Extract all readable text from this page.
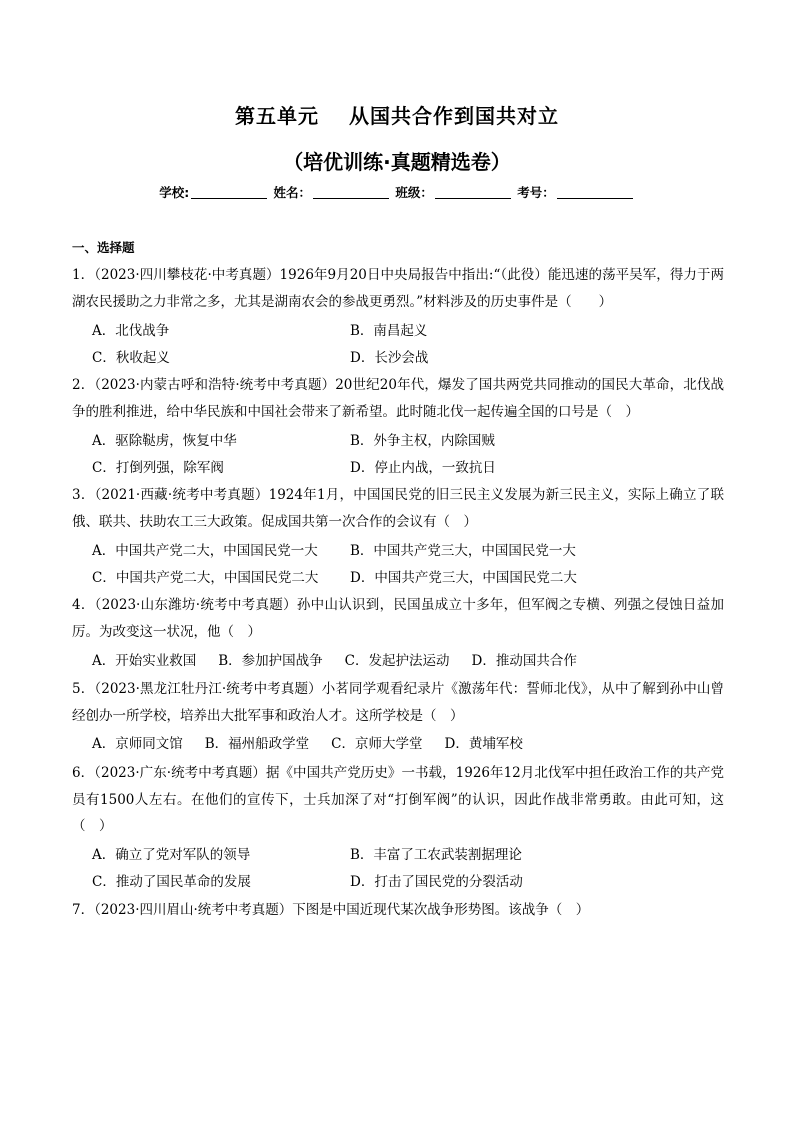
第五单元 从国共合作到国共对立
（培优训练·真题精选卷）
学校:	姓名：	班级：	考号：
一、选择题
1．（2023·四川攀枝花·中考真题）1926年9月20日中央局报告中指出:“（此役）能迅速的荡平吴军，得力于两湖农民援助之力非常之多，尤其是湖南农会的参战更勇烈。”材料涉及的历史事件是（　　）
A．北伐战争	B．南昌起义
C．秋收起义	D．长沙会战
2．（2023·内蒙古呼和浩特·统考中考真题）20世纪20年代，爆发了国共两党共同推动的国民大革命，北伐战争的胜利推进，给中华民族和中国社会带来了新希望。此时随北伐一起传遍全国的口号是（　）
A．驱除鞑虏，恢复中华	B．外争主权，内除国贼
C．打倒列强，除军阀	D．停止内战，一致抗日
3．（2021·西藏·统考中考真题）1924年1月，中国国民党的旧三民主义发展为新三民主义，实际上确立了联俄、联共、扶助农工三大政策。促成国共第一次合作的会议有（　）
A．中国共产党二大，中国国民党一大 B．中国共产党三大，中国国民党一大
C．中国共产党二大，中国国民党二大 D．中国共产党三大，中国国民党二大
4．（2023·山东潍坊·统考中考真题）孙中山认识到，民国虽成立十多年，但军阀之专横、列强之侵蚀日益加厉。为改变这一状况，他（　）
A．开始实业救国 B．参加护国战争 C．发起护法运动 D．推动国共合作
5．（2023·黑龙江牡丹江·统考中考真题）小茗同学观看纪录片《激荡年代：誓师北伐》，从中了解到孙中山曾经创办一所学校，培养出大批军事和政治人才。这所学校是（　）
A．京师同文馆 B．福州船政学堂 C．京师大学堂 D．黄埔军校
6．（2023·广东·统考中考真题）据《中国共产党历史》一书载，1926年12月北伐军中担任政治工作的共产党员有1500人左右。在他们的宣传下，士兵加深了对“打倒军阀”的认识，因此作战非常勇敢。由此可知，这（　）
A．确立了党对军队的领导	B．丰富了工农武装割据理论
C．推动了国民革命的发展	D．打击了国民党的分裂活动
7．（2023·四川眉山·统考中考真题）下图是中国近现代某次战争形势图。该战争（　）
